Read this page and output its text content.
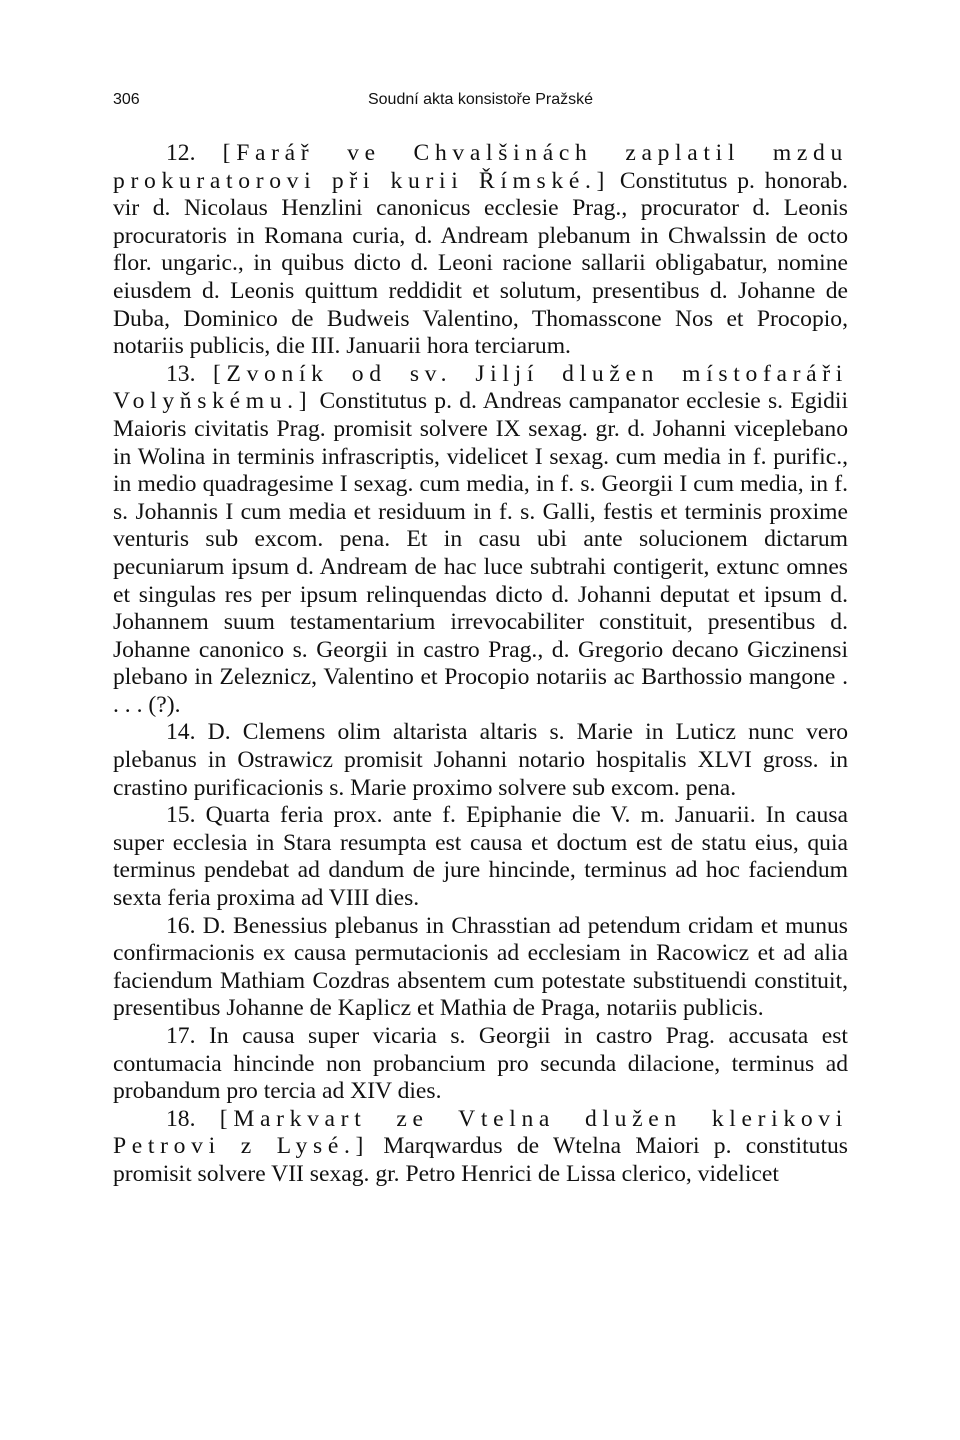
306	Soudní akta konsistoře Pražské

12. [Farář ve Chvalšinách zaplatil mzdu prokuratorovi při kurii Římské.] Constitutus p. honorab. vir d. Nicolaus Henzlini canonicus ecclesie Prag., procurator d. Leonis procuratoris in Romana curia, d. Andream plebanum in Chwalssin de octo flor. ungaric., in quibus dicto d. Leoni racione sallarii obligabatur, nomine eiusdem d. Leonis quittum reddidit et solutum, presentibus d. Johanne de Duba, Dominico de Budweis Valentino, Thomasscone Nos et Procopio, notariis publicis, die III. Januarii hora terciarum.

13. [Zvoník od sv. Jiljí dlužen místofaráři Volyňskému.] Constitutus p. d. Andreas campanator ecclesie s. Egidii Maioris civitatis Prag. promisit solvere IX sexag. gr. d. Johanni viceplebano in Wolina in terminis infrascriptis, videlicet I sexag. cum media in f. purific., in medio quadragesime I sexag. cum media, in f. s. Georgii I cum media, in f. s. Johannis I cum media et residuum in f. s. Galli, festis et terminis proxime venturis sub excom. pena. Et in casu ubi ante solucionem dictarum pecuniarum ipsum d. Andream de hac luce subtrahi contigerit, extunc omnes et singulas res per ipsum relinquendas dicto d. Johanni deputat et ipsum d. Johannem suum testamentarium irrevocabiliter constituit, presentibus d. Johanne canonico s. Georgii in castro Prag., d. Gregorio decano Giczinensi plebano in Zeleznicz, Valentino et Procopio notariis ac Barthossio mangone . . . . (?).

14. D. Clemens olim altarista altaris s. Marie in Luticz nunc vero plebanus in Ostrawicz promisit Johanni notario hospitalis XLVI gross. in crastino purificacionis s. Marie proximo solvere sub excom. pena.

15. Quarta feria prox. ante f. Epiphanie die V. m. Januarii. In causa super ecclesia in Stara resumpta est causa et doctum est de statu eius, quia terminus pendebat ad dandum de jure hincinde, terminus ad hoc faciendum sexta feria proxima ad VIII dies.

16. D. Benessius plebanus in Chrasstian ad petendum cridam et munus confirmacionis ex causa permutacionis ad ecclesiam in Racowicz et ad alia faciendum Mathiam Cozdras absentem cum potestate substituendi constituit, presentibus Johanne de Kaplicz et Mathia de Praga, notariis publicis.

17. In causa super vicaria s. Georgii in castro Prag. accusata est contumacia hincinde non probancium pro secunda dilacione, terminus ad probandum pro tercia ad XIV dies.

18. [Markvart ze Vtelna dlužen klerikovi Petrovi z Lysé.] Marqwardus de Wtelna Maiori p. constitutus promisit solvere VII sexag. gr. Petro Henrici de Lissa clerico, videlicet
